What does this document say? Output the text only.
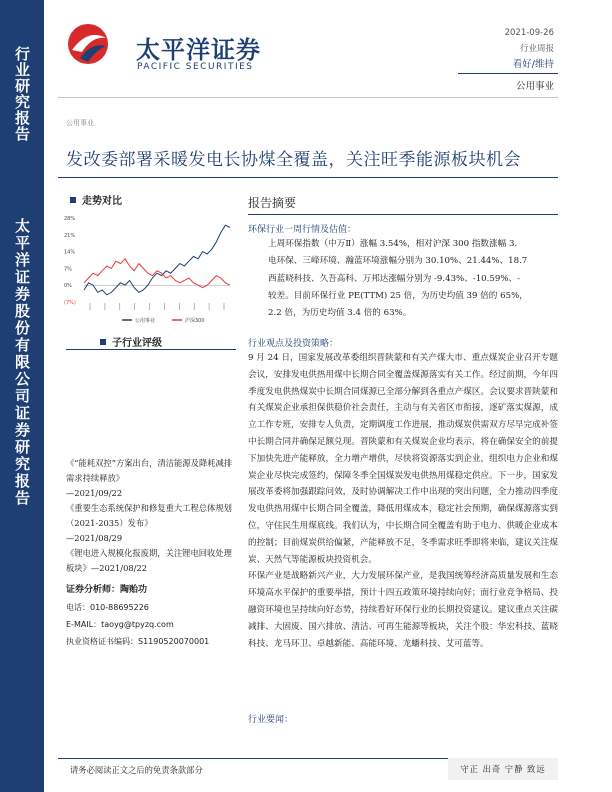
行业研究报告
太平洋证券股份有限公司证券研究报告
太平洋证券
PACIFIC SECURITIES
2021-09-26
行业周报
看好/维持
公用事业
公用事业
发改委部署采暖发电长协煤全覆盖，关注旺季能源板块机会
走势对比
28%
21%
14%
7%
0%
(7%)
公用事业	沪深300
子行业评级

《“能耗双控”方案出台，清洁能源及降耗减排需求持续释放》

—2021/09/22

《重要生态系统保护和修复重大工程总体规划（2021-2035）发布》

—2021/08/29

《锂电进入规模化报废期，关注锂电回收处理板块》—2021/08/22

证券分析师：陶贻功
电话：010-88695226
E-MAIL：taoyg@tpyzq.com
执业资格证书编码：S1190520070001
报告摘要
环保行业一周行情及估值：
上周环保指数（中万Ⅱ）涨幅 3.54%，相对沪深 300 指数涨幅 3.
电环保、三峰环境、瀚蓝环境涨幅分别为 30.10%、21.44%、18.7
西蓝晓科技、久吾高科、万邦达涨幅分别为 -9.43%、-10.59%、-
较差。目前环保行业 PE(TTM) 25 倍，为历史均值 39 倍的 65%，
2.2 倍，为历史均值 3.4 倍的 63%。
行业观点及投资策略：

9 月 24 日，国家发展改革委组织晋陕蒙和有关产煤大市、重点煤炭企业召开专题会议，安排发电供热用煤中长期合同全覆盖煤源落实有关工作。经过前期，今年四季度发电供热煤炭中长期合同煤源已全部分解到各重点产煤区。会议要求晋陕蒙和有关煤炭企业承担保供稳价社会责任，主动与有关省区市衔接，逐矿落实煤源，成立工作专班，安排专人负责，定期调度工作进展，推动煤炭供需双方尽早完成补签中长期合同并确保足额兑现。晋陕蒙和有关煤炭企业均表示，将在确保安全的前提下加快先进产能释放，全力增产增供，尽快将资源落实到企业，组织电力企业和煤炭企业尽快完成签约，保障冬季全国煤炭发电供热用煤稳定供应。下一步，国家发展改革委将加强跟踪问效，及时协调解决工作中出现的突出问题，全力推动四季度发电供热用煤中长期合同全覆盖，降低用煤成本，稳定社会预期，确保煤源落实到位，守住民生用煤底线。我们认为，中长期合同全覆盖有助于电力、供暖企业成本的控制；目前煤炭供给偏紧，产能释放不足，冬季需求旺季即将来临，建议关注煤炭、天然气等能源板块投资机会。

环保产业是战略新兴产业，大力发展环保产业，是我国统筹经济高质量发展和生态环境高水平保护的重要举措，预计十四五政策环境持续向好；面行业竞争格局、投融资环境也呈持续向好态势，持续看好环保行业的长期投资建议。建议重点关注碳减排、大固废、国六排放、清洁、可再生能源等板块，关注个股：华宏科技、蓝晓科技、龙马环卫、卓越新能、高能环境、龙蟠科技、艾可蓝等。

行业要闻：
请务必阅读正文之后的免责条款部分	守正 出奇 宁静 致远
